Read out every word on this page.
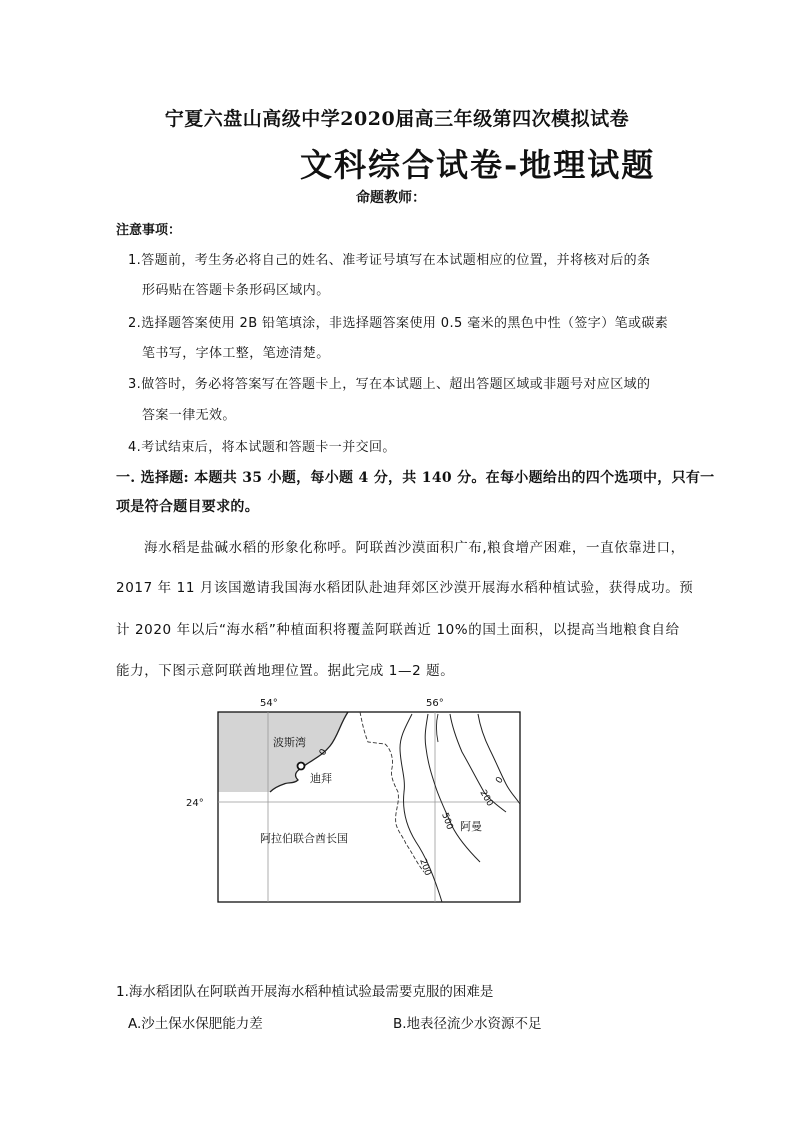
宁夏六盘山高级中学2020届高三年级第四次模拟试卷
文科综合试卷-地理试题
命题教师：
注意事项：
1.答题前，考生务必将自己的姓名、准考证号填写在本试题相应的位置，并将核对后的条
形码贴在答题卡条形码区域内。
2.选择题答案使用 2B 铅笔填涂，非选择题答案使用 0.5 毫米的黑色中性（签字）笔或碳素
笔书写，字体工整，笔迹清楚。
3.做答时，务必将答案写在答题卡上，写在本试题上、超出答题区域或非题号对应区域的
答案一律无效。
4.考试结束后，将本试题和答题卡一并交回。
一. 选择题: 本题共 35 小题，每小题 4 分，共 140 分。在每小题给出的四个选项中，只有一
项是符合题目要求的。
海水稻是盐碱水稻的形象化称呼。阿联酋沙漠面积广布,粮食增产困难，一直依靠进口，
2017 年 11 月该国邀请我国海水稻团队赴迪拜郊区沙漠开展海水稻种植试验，获得成功。预
计 2020 年以后“海水稻”种植面积将覆盖阿联酋近 10%的国土面积，以提高当地粮食自给
能力，下图示意阿联酋地理位置。据此完成 1—2 题。
54°	56°
24°
波斯湾
迪拜
阿拉伯联合酋长国
阿曼
0
0
500
200
200
1.海水稻团队在阿联酋开展海水稻种植试验最需要克服的困难是
A.沙土保水保肥能力差	B.地表径流少水资源不足
